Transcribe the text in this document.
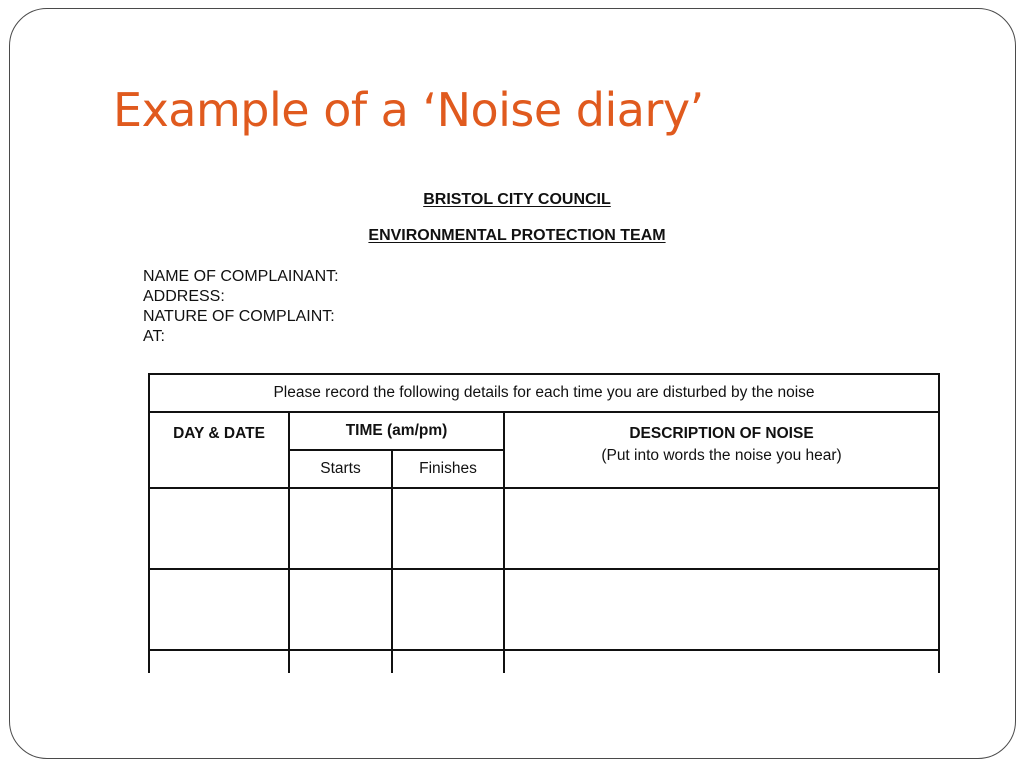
Example of a ‘Noise diary’

BRISTOL CITY COUNCIL

ENVIRONMENTAL PROTECTION TEAM

NAME OF COMPLAINANT:
ADDRESS:
NATURE OF COMPLAINT:
AT:
Please record the following details for each time you are disturbed by the noise			
DAY & DATE	TIME (am/pm)		DESCRIPTION OF NOISE
(Put into words the noise you hear)

	Starts	Finishes	
